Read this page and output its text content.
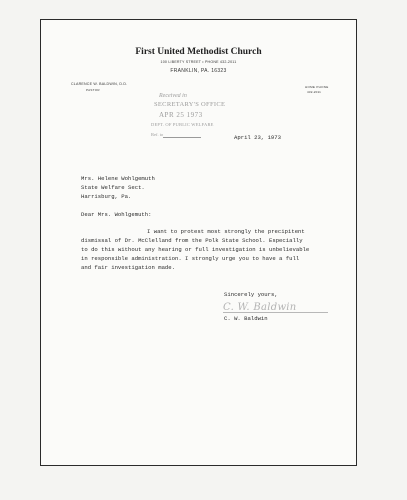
First United Methodist Church
100 LIBERTY STREET • PHONE 432-2011
FRANKLIN, PA. 16323
CLARENCE W. BALDWIN, D.D.
PASTOR
HOME PHONE
432-2011
Received in
SECRETARY'S OFFICE
APR 25 1973
DEPT. OF PUBLIC WELFARE
Ref. to	April 23, 1973
Mrs. Helene Wohlgemuth
State Welfare Sect.
Harrisburg, Pa.
Dear Mrs. Wohlgemuth:
I want to protest most strongly the precipitent
dismissal of Dr. McClelland from the Polk State School. Especially
to do this without any hearing or full investigation is unbelievable
in responsible administration. I strongly urge you to have a full
and fair investigation made.
Sincerely yours,
C. W. Baldwin
C. W. Baldwin
